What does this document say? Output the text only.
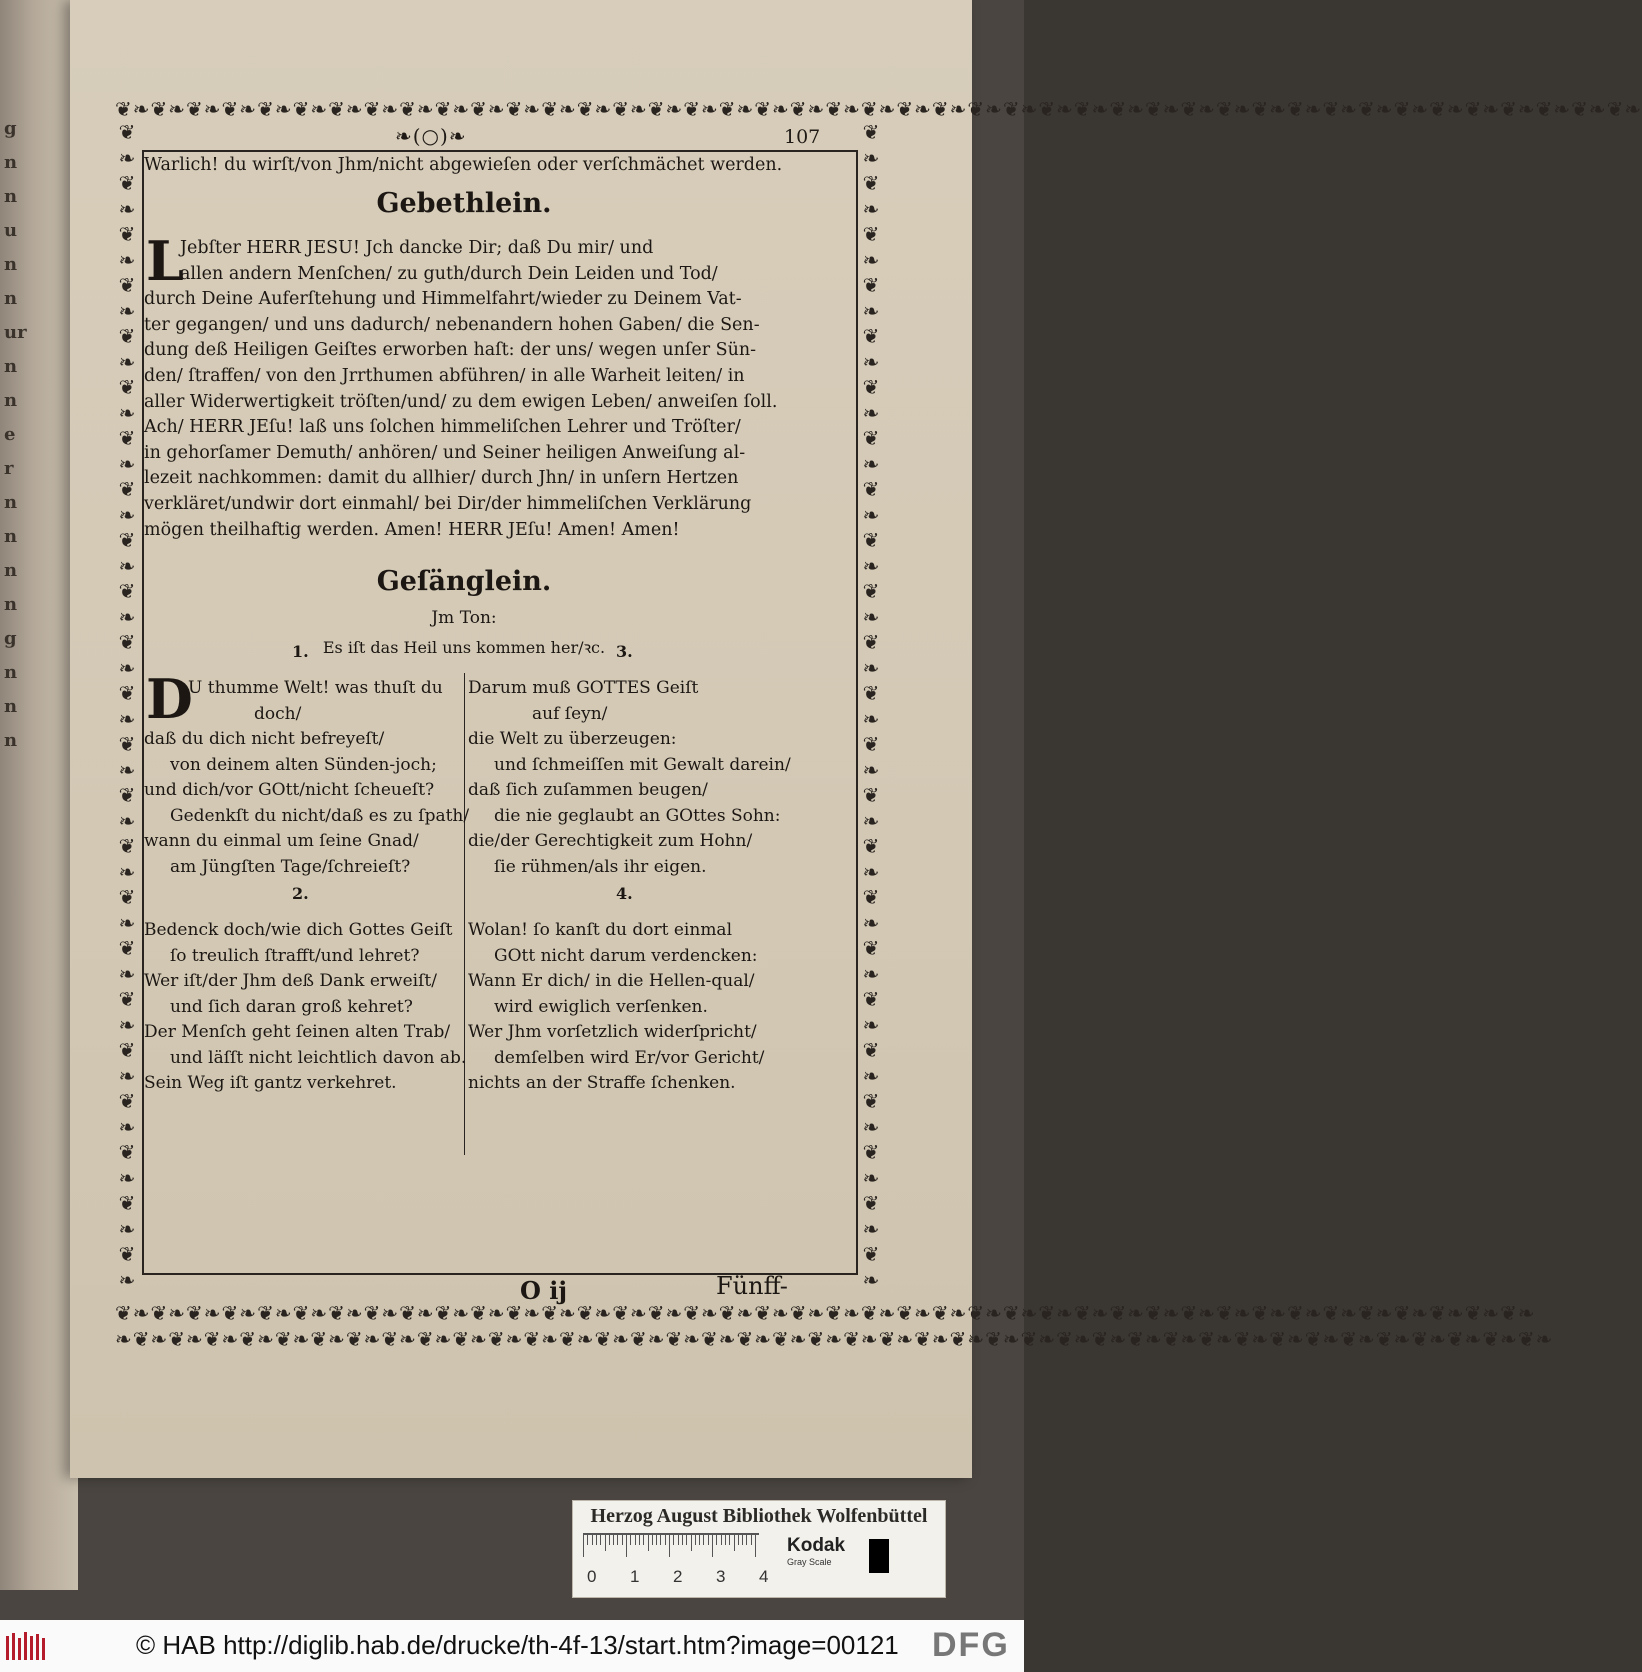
g
n
n
u
n
n
ur
n
n
e
r
n
n
n
n
g
n
n
n
❦❧❦❧❦❧❦❧❦❧❦❧❦❧❦❧❦❧❦❧❦❧❦❧❦❧❦❧❦❧❦❧❦❧❦❧❦❧❦❧❦❧❦❧❦❧❦❧❦❧❦❧❦❧❦❧❦❧❦❧❦❧❦❧❦❧❦❧❦❧❦❧❦❧❦❧❦❧❦❧❦❧❦❧❦❧
❦❧❦❧❦❧❦❧❦❧❦❧❦❧❦❧❦❧❦❧❦❧❦❧❦❧❦❧❦❧❦❧❦❧❦❧❦❧❦❧❦❧❦❧❦❧❦❧❦❧❦❧❦❧❦❧❦❧❦❧❦❧❦❧❦❧❦❧❦❧❦❧❦❧❦❧❦❧❦❧
❧❦❧❦❧❦❧❦❧❦❧❦❧❦❧❦❧❦❧❦❧❦❧❦❧❦❧❦❧❦❧❦❧❦❧❦❧❦❧❦❧❦❧❦❧❦❧❦❧❦❧❦❧❦❧❦❧❦❧❦❧❦❧❦❧❦❧❦❧❦❧❦❧❦❧❦❧❦❧❦❧
❦
❧
❦
❧
❦
❧
❦
❧
❦
❧
❦
❧
❦
❧
❦
❧
❦
❧
❦
❧
❦
❧
❦
❧
❦
❧
❦
❧
❦
❧
❦
❧
❦
❧
❦
❧
❦
❧
❦
❧
❦
❧
❦
❧
❦
❧
❦
❧
❦
❧
❦
❧
❦
❧
❦
❧
❦
❧
❦
❧
❦
❧
❦
❧
❦
❧
❦
❧
❦
❧
❦
❧
❦
❧
❦
❧
❦
❧
❦
❧
❦
❧
❦
❧
❦
❧
❦
❧
❦
❧
❦
❧
❧(○)❧	107
Warlich! du wirſt/von Jhm/nicht abgewieſen oder verſchmächet werden.
Gebethlein.
L
Jebſter HERR JESU! Jch dancke Dir; daß Du mir/ und
allen andern Menſchen/ zu guth/durch Dein Leiden und Tod/
durch Deine Auferſtehung und Himmelfahrt/wieder zu Deinem Vat-
ter gegangen/ und uns dadurch/ nebenandern hohen Gaben/ die Sen-
dung deß Heiligen Geiſtes erworben haſt: der uns/ wegen unſer Sün-
den/ ſtraffen/ von den Jrrthumen abführen/ in alle Warheit leiten/ in
aller Widerwertigkeit tröſten/und/ zu dem ewigen Leben/ anweiſen ſoll.
Ach/ HERR JEſu! laß uns ſolchen himmeliſchen Lehrer und Tröſter/
in gehorſamer Demuth/ anhören/ und Seiner heiligen Anweiſung al-
lezeit nachkommen: damit du allhier/ durch Jhn/ in unſern Hertzen
verkläret/undwir dort einmahl/ bei Dir/der himmeliſchen Verklärung
mögen theilhaftig werden. Amen! HERR JEſu! Amen! Amen!
Geſänglein.
Jm Ton:
Es iſt das Heil uns kommen her/ꝛc.
1.
D
U thumme Welt! was thuſt du
doch/
daß du dich nicht befreyeſt/
von deinem alten Sünden-joch;
und dich/vor GOtt/nicht ſcheueſt?
Gedenkſt du nicht/daß es zu ſpath/
wann du einmal um ſeine Gnad/
am Jüngſten Tage/ſchreieſt?
2.
Bedenck doch/wie dich Gottes Geiſt
ſo treulich ſtrafft/und lehret?
Wer iſt/der Jhm deß Dank erweiſt/
und ſich daran groß kehret?
Der Menſch geht ſeinen alten Trab/
und läſſt nicht leichtlich davon ab.
Sein Weg iſt gantz verkehret.
3.
Darum muß GOTTES Geiſt
auf ſeyn/
die Welt zu überzeugen:
und ſchmeiſſen mit Gewalt darein/
daß ſich zuſammen beugen/
die nie geglaubt an GOttes Sohn:
die/der Gerechtigkeit zum Hohn/
ſie rühmen/als ihr eigen.
4.
Wolan! ſo kanſt du dort einmal
GOtt nicht darum verdencken:
Wann Er dich/ in die Hellen-qual/
wird ewiglich verſenken.
Wer Jhm vorſetzlich widerſpricht/
demſelben wird Er/vor Gericht/
nichts an der Straffe ſchenken.
O ij	Fünff-
Herzog August Bibliothek Wolfenbüttel
0 1 2 3 4
Kodak
Gray Scale
© HAB http://diglib.hab.de/drucke/th-4f-13/start.htm?image=00121 DFG
